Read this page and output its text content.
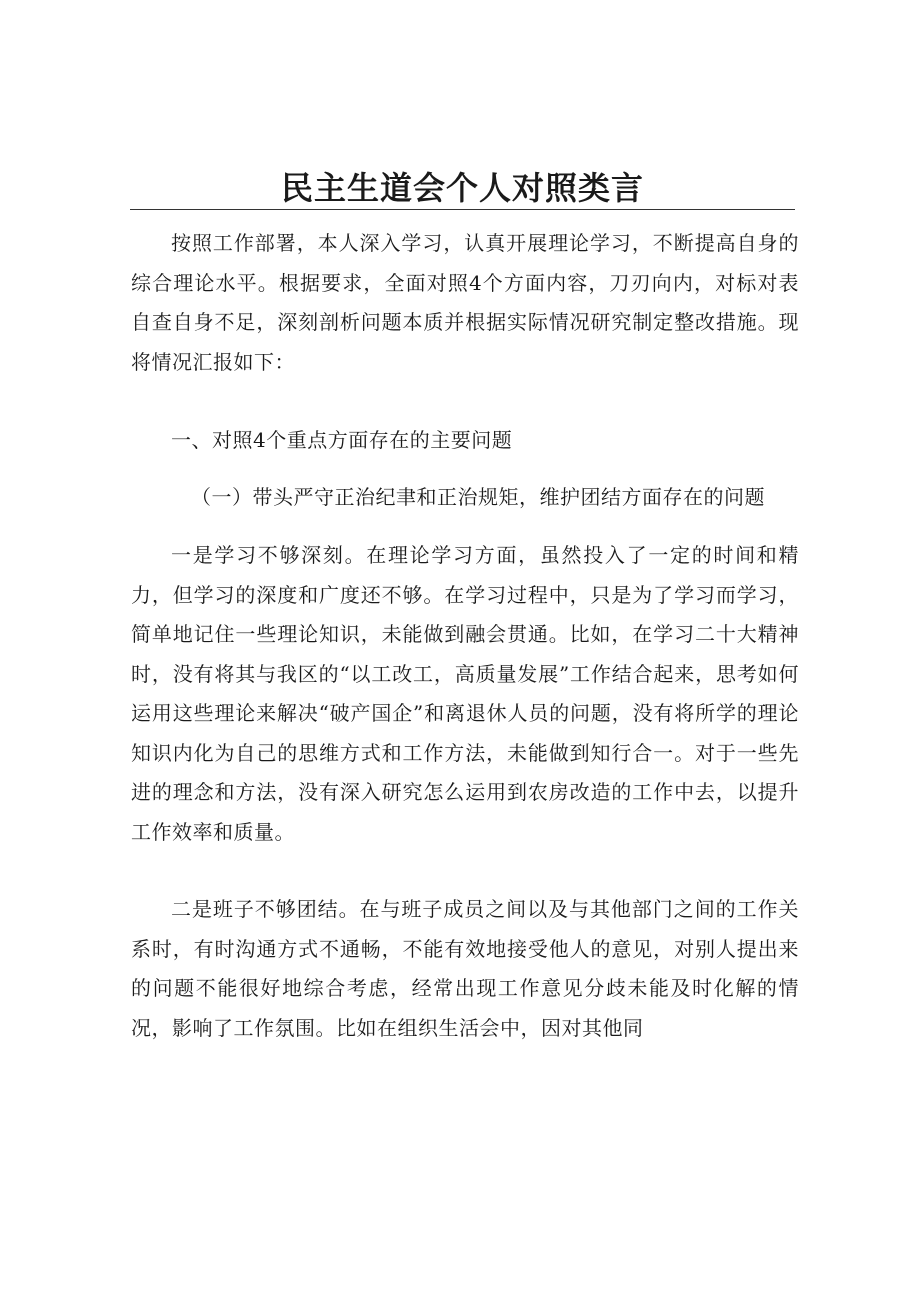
民主生道会个人对照类言

按照工作部署，本人深入学习，认真开展理论学习，不断提高自身的综合理论水平。根据要求，全面对照4个方面内容，刀刃向内，对标对表自查自身不足，深刻剖析问题本质并根据实际情况研究制定整改措施。现将情况汇报如下：

一、对照4个重点方面存在的主要问题

（一）带头严守正治纪聿和正治规矩，维护团结方面存在的问题

一是学习不够深刻。在理论学习方面，虽然投入了一定的时间和精力，但学习的深度和广度还不够。在学习过程中，只是为了学习而学习，简单地记住一些理论知识，未能做到融会贯通。比如，在学习二十大精神时，没有将其与我区的“以工改工，高质量发展”工作结合起来，思考如何运用这些理论来解决“破产国企”和离退休人员的问题，没有将所学的理论知识内化为自己的思维方式和工作方法，未能做到知行合一。对于一些先进的理念和方法，没有深入研究怎么运用到农房改造的工作中去，以提升工作效率和质量。

二是班子不够团结。在与班子成员之间以及与其他部门之间的工作关系时，有时沟通方式不通畅，不能有效地接受他人的意见，对别人提出来的问题不能很好地综合考虑，经常出现工作意见分歧未能及时化解的情况，影响了工作氛围。比如在组织生活会中，因对其他同
